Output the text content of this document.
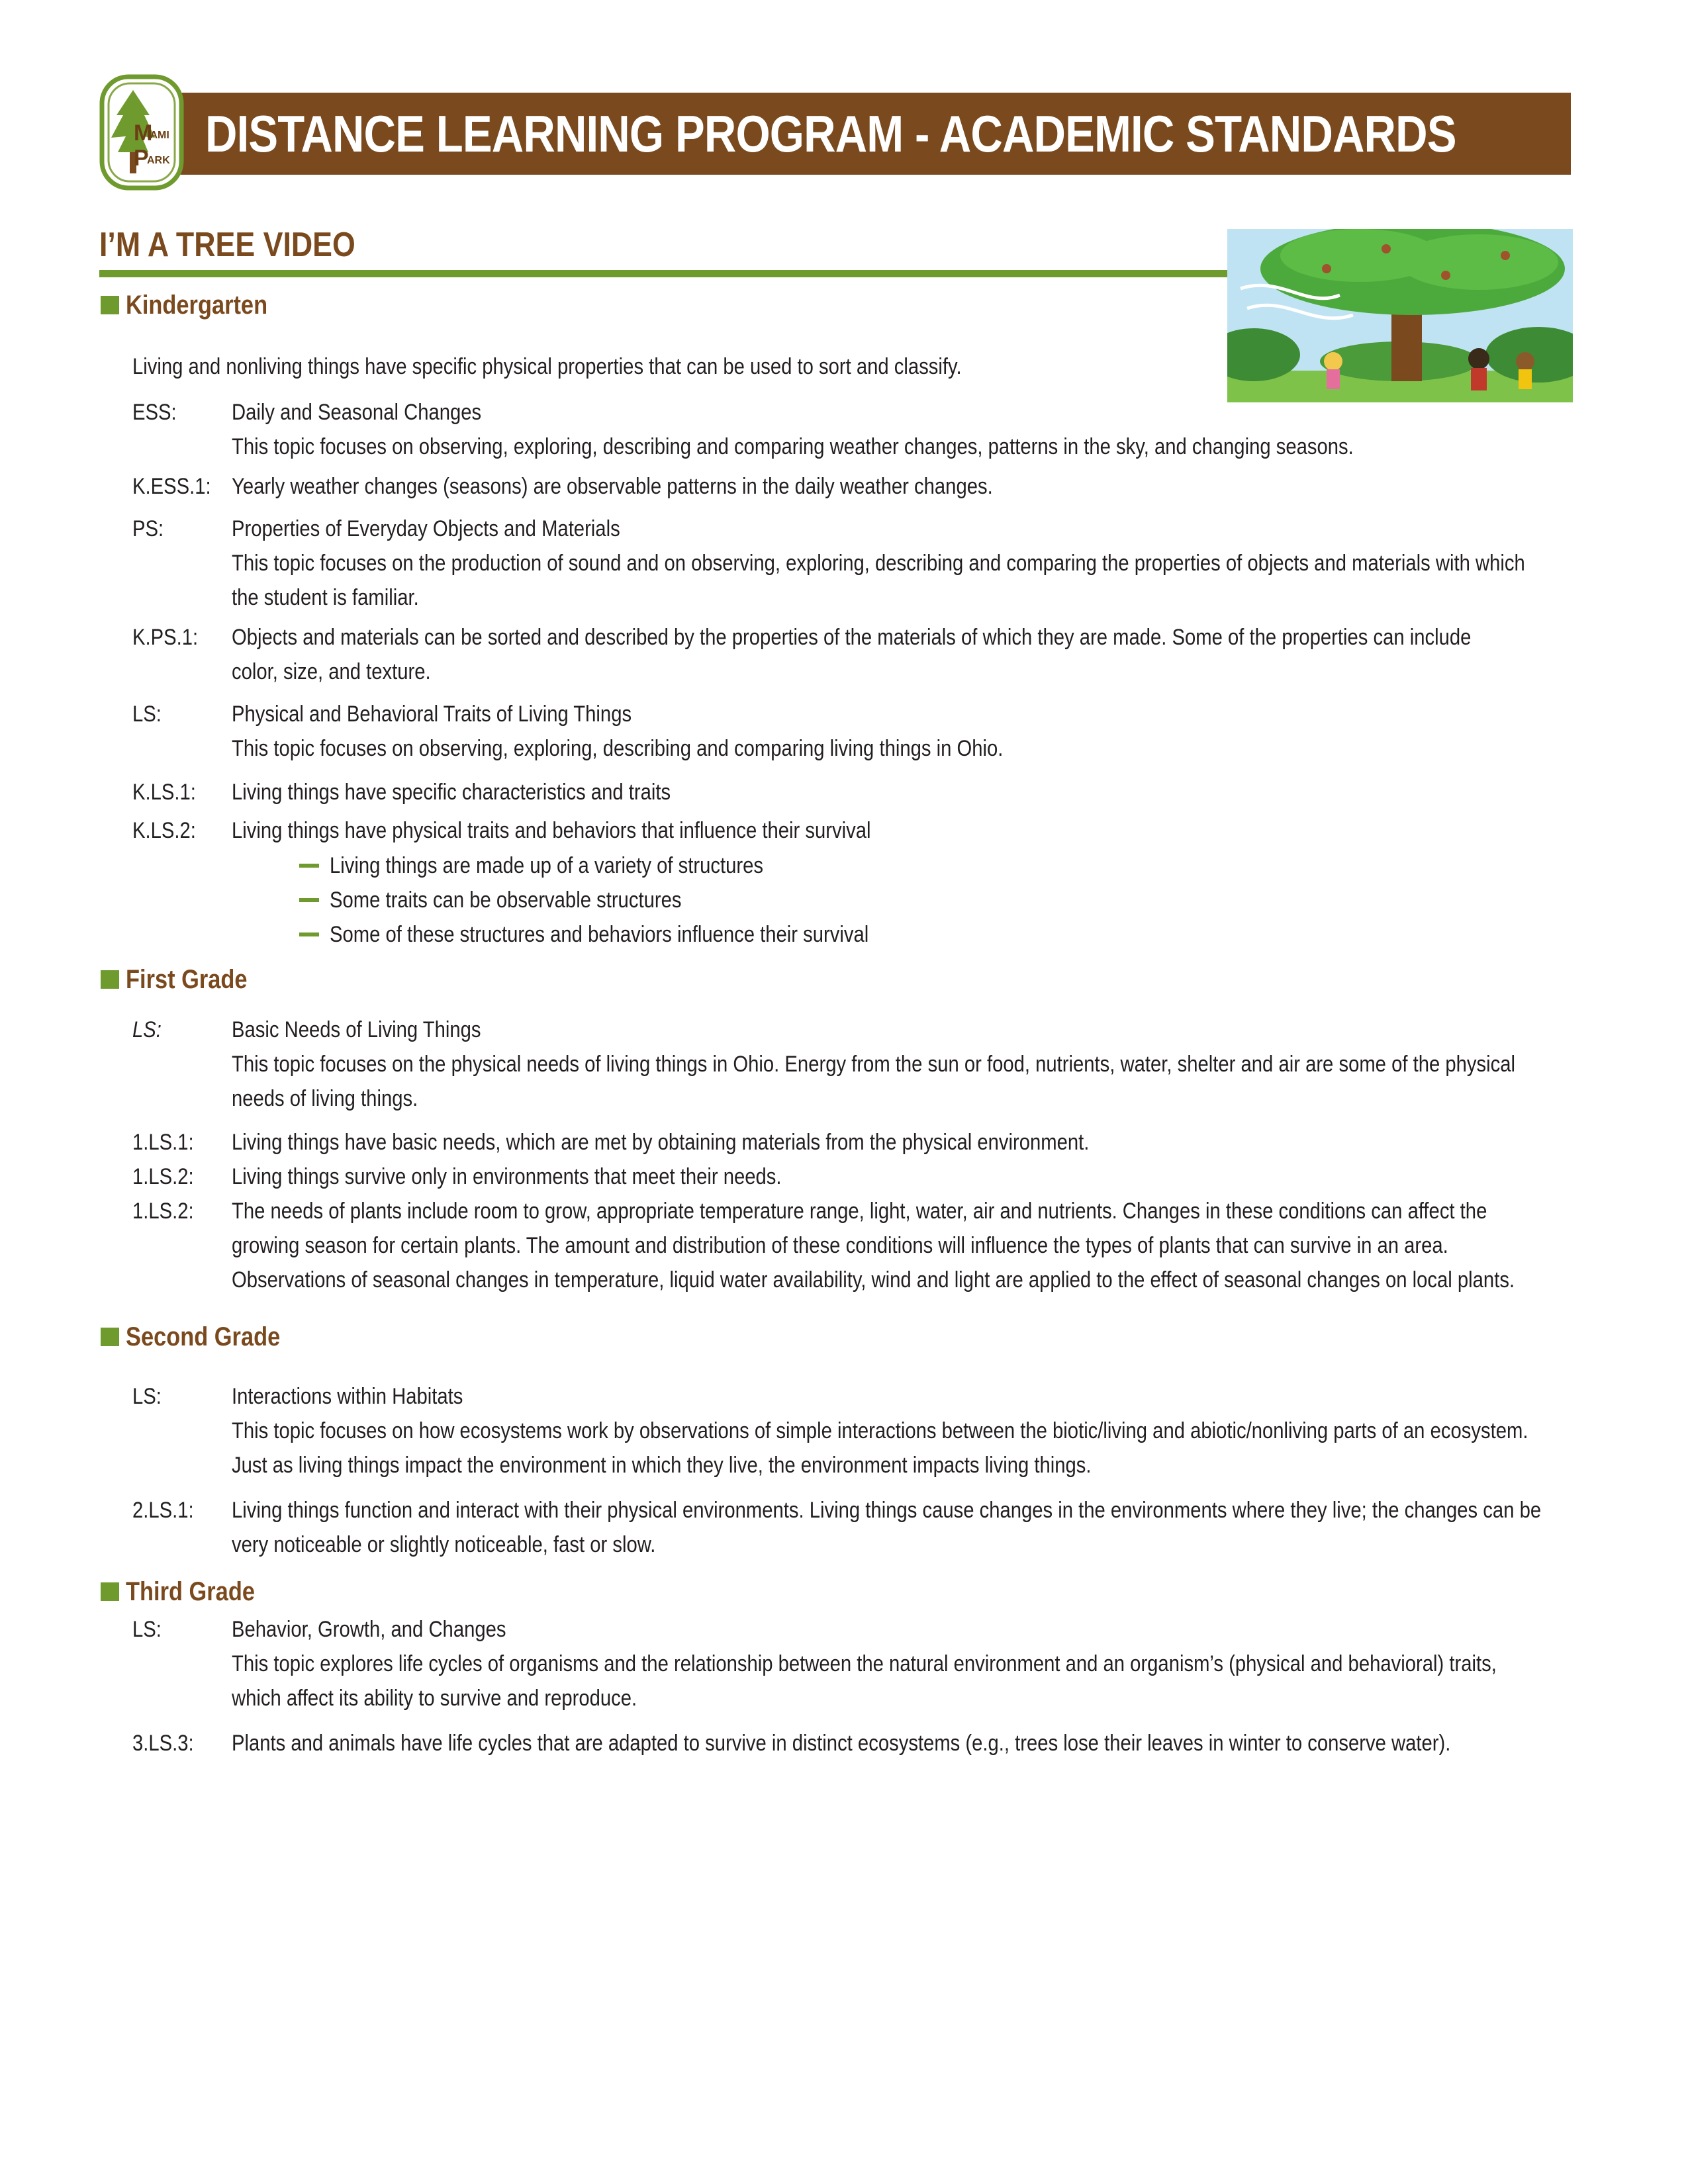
DISTANCE LEARNING PROGRAM - ACADEMIC STANDARDS
M
IAMI
P
ARK
I’M A TREE VIDEO
Kindergarten
Living and nonliving things have specific physical properties that can be used to sort and classify.
ESS: Daily and Seasonal Changes
This topic focuses on observing, exploring, describing and comparing weather changes, patterns in the sky, and changing seasons.
K.ESS.1: Yearly weather changes (seasons) are observable patterns in the daily weather changes.
PS:	Properties of Everyday Objects and Materials
This topic focuses on the production of sound and on observing, exploring, describing and comparing the properties of objects and materials with which
the student is familiar.
K.PS.1: Objects and materials can be sorted and described by the properties of the materials of which they are made. Some of the properties can include
color, size, and texture.
LS:	Physical and Behavioral Traits of Living Things
This topic focuses on observing, exploring, describing and comparing living things in Ohio.
K.LS.1: Living things have specific characteristics and traits
K.LS.2: Living things have physical traits and behaviors that influence their survival
Living things are made up of a variety of structures
Some traits can be observable structures
Some of these structures and behaviors influence their survival
First Grade
LS:	Basic Needs of Living Things
This topic focuses on the physical needs of living things in Ohio. Energy from the sun or food, nutrients, water, shelter and air are some of the physical
needs of living things.
1.LS.1: Living things have basic needs, which are met by obtaining materials from the physical environment.
1.LS.2: Living things survive only in environments that meet their needs.
1.LS.2: The needs of plants include room to grow, appropriate temperature range, light, water, air and nutrients. Changes in these conditions can affect the
growing season for certain plants. The amount and distribution of these conditions will influence the types of plants that can survive in an area.
Observations of seasonal changes in temperature, liquid water availability, wind and light are applied to the effect of seasonal changes on local plants.
Second Grade
LS:	Interactions within Habitats
This topic focuses on how ecosystems work by observations of simple interactions between the biotic/living and abiotic/nonliving parts of an ecosystem.
Just as living things impact the environment in which they live, the environment impacts living things.
2.LS.1: Living things function and interact with their physical environments. Living things cause changes in the environments where they live; the changes can be
very noticeable or slightly noticeable, fast or slow.
Third Grade
LS:	Behavior, Growth, and Changes
This topic explores life cycles of organisms and the relationship between the natural environment and an organism’s (physical and behavioral) traits,
which affect its ability to survive and reproduce.
3.LS.3: Plants and animals have life cycles that are adapted to survive in distinct ecosystems (e.g., trees lose their leaves in winter to conserve water).
